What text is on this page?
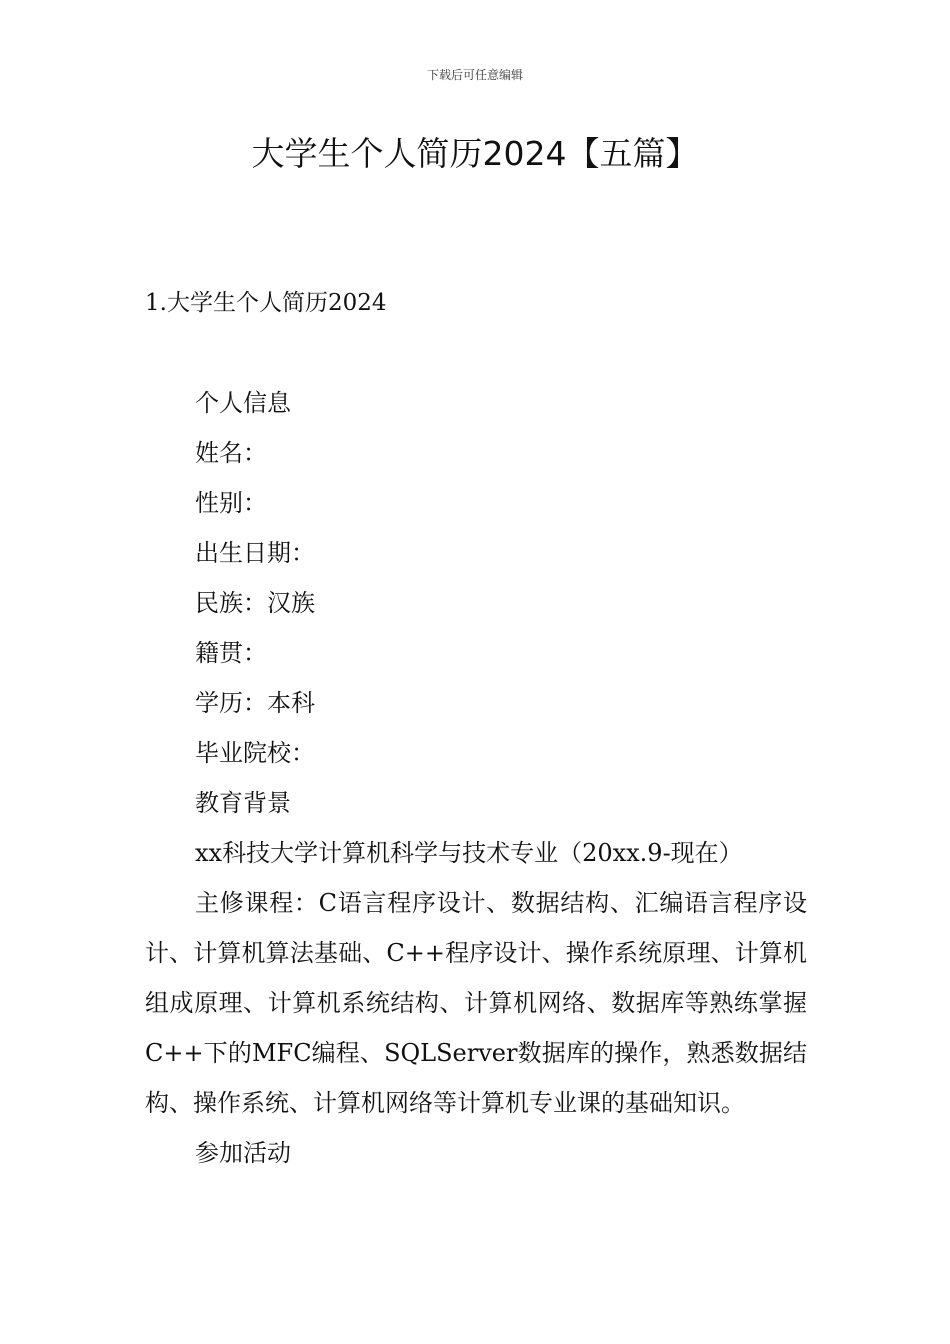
下载后可任意编辑
大学生个人简历2024【五篇】
1.大学生个人简历2024

个人信息

姓名：

性别：

出生日期：

民族：汉族

籍贯：

学历：本科

毕业院校：

教育背景

xx科技大学计算机科学与技术专业（20xx.9-现在）

主修课程：C语言程序设计、数据结构、汇编语言程序设计、计算机算法基础、C++程序设计、操作系统原理、计算机组成原理、计算机系统结构、计算机网络、数据库等熟练掌握C++下的MFC编程、SQLServer数据库的操作，熟悉数据结构、操作系统、计算机网络等计算机专业课的基础知识。

参加活动
